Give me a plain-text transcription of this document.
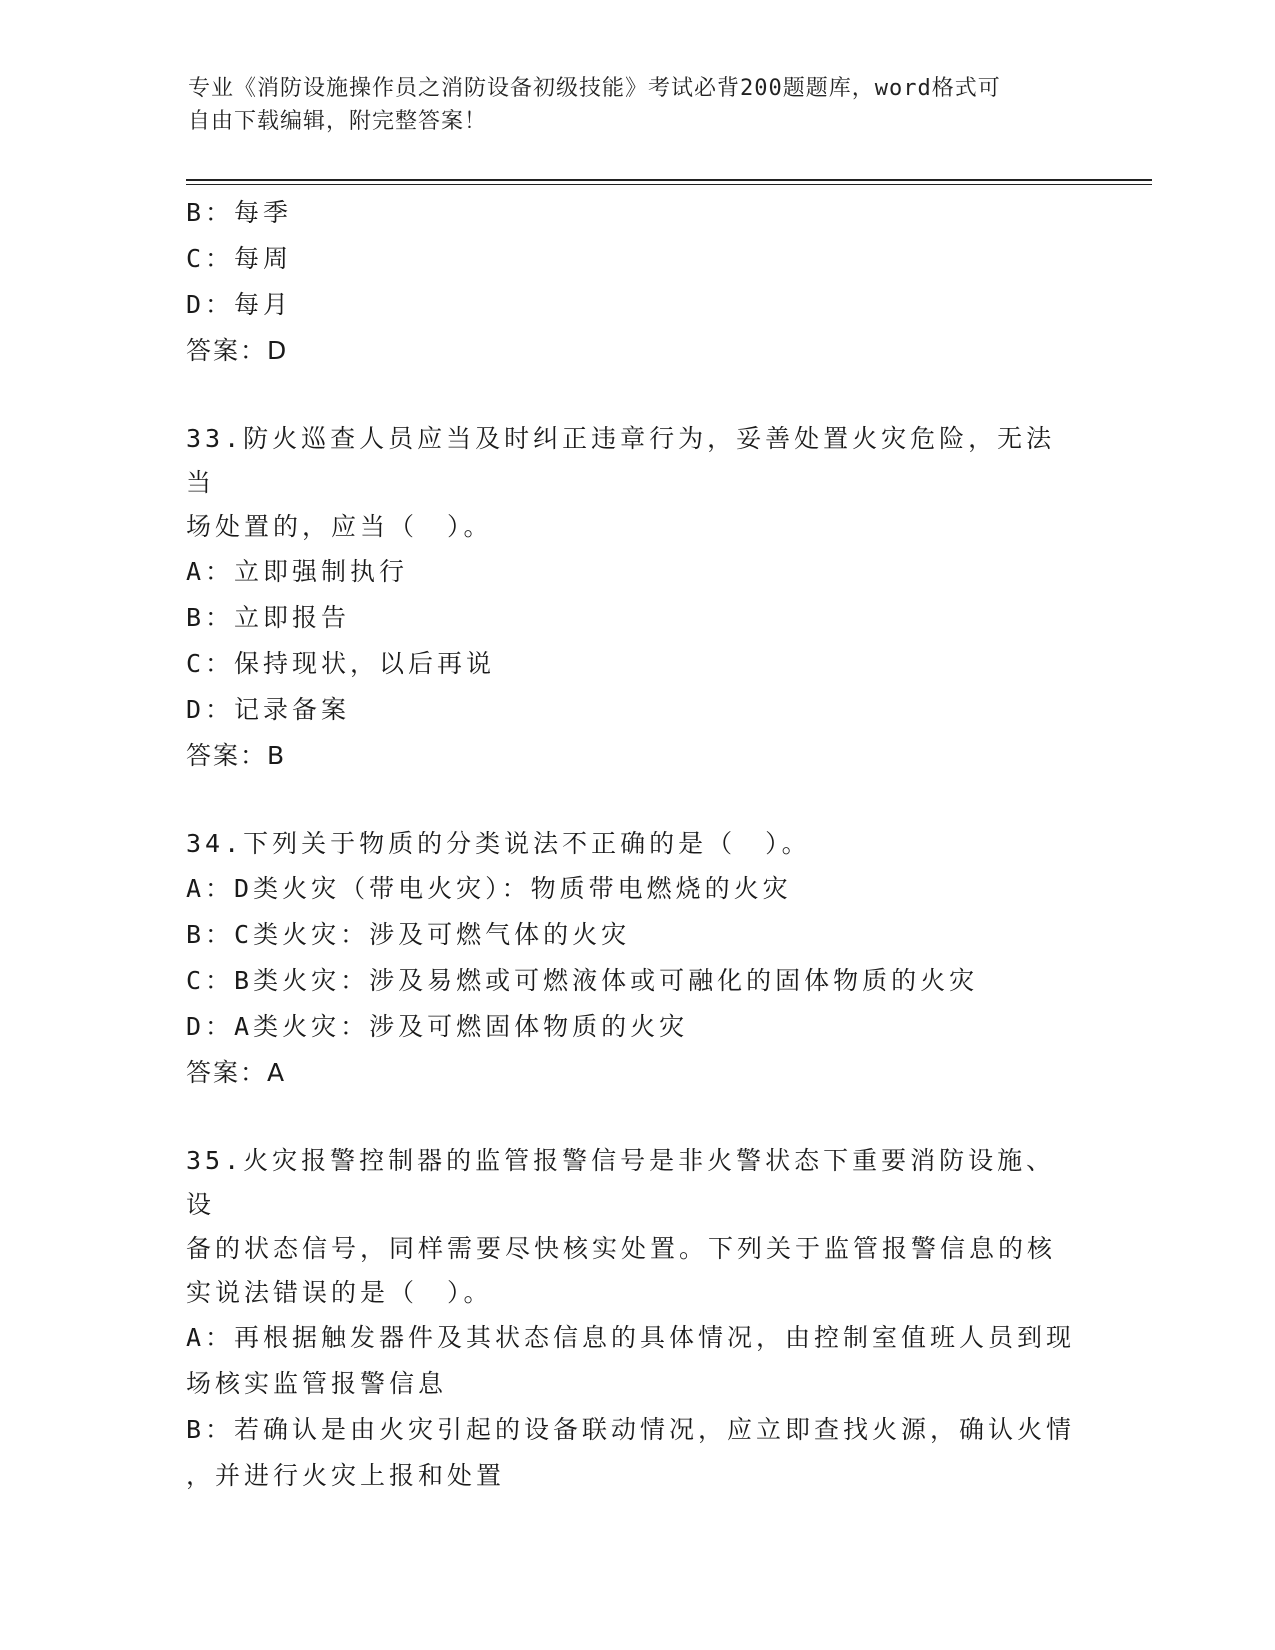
专业《消防设施操作员之消防设备初级技能》考试必背200题题库，word格式可
自由下载编辑，附完整答案！
B：每季
C：每周
D：每月
答案：D
33.防火巡查人员应当及时纠正违章行为，妥善处置火灾危险，无法当
场处置的，应当（　）。
A：立即强制执行
B：立即报告
C：保持现状，以后再说
D：记录备案
答案：B
34.下列关于物质的分类说法不正确的是（　）。
A：D类火灾（带电火灾）：物质带电燃烧的火灾
B：C类火灾：涉及可燃气体的火灾
C：B类火灾：涉及易燃或可燃液体或可融化的固体物质的火灾
D：A类火灾：涉及可燃固体物质的火灾
答案：A
35.火灾报警控制器的监管报警信号是非火警状态下重要消防设施、设
备的状态信号，同样需要尽快核实处置。下列关于监管报警信息的核
实说法错误的是（　）。
A：再根据触发器件及其状态信息的具体情况，由控制室值班人员到现
场核实监管报警信息
B：若确认是由火灾引起的设备联动情况，应立即查找火源，确认火情
，并进行火灾上报和处置
